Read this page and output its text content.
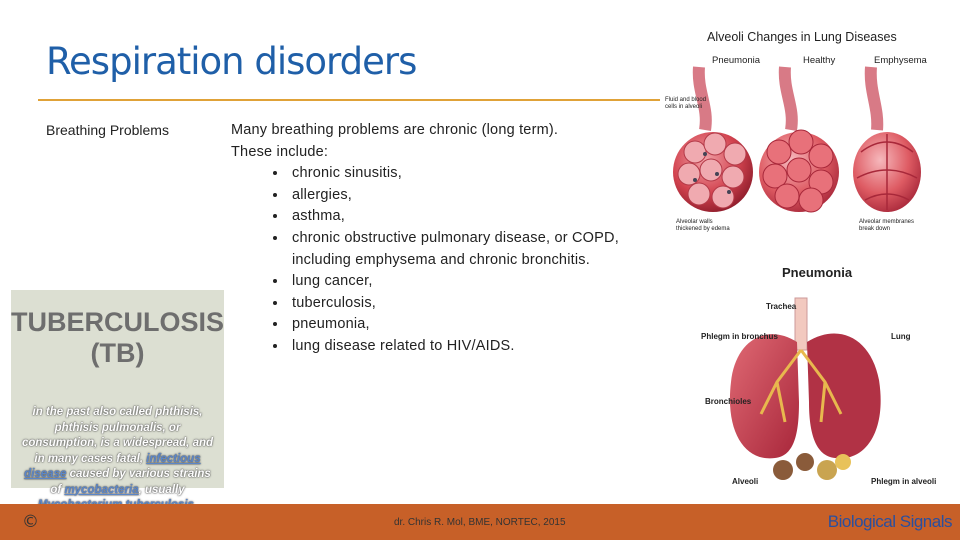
Respiration disorders
Breathing Problems	Many breathing problems are chronic (long term).
These include:
• chronic sinusitis,
• allergies,
• asthma,
• chronic obstructive pulmonary disease, or COPD, including emphysema and chronic bronchitis.
• lung cancer,
• tuberculosis,
• pneumonia,
• lung disease related to HIV/AIDS.
TUBERCULOSIS
(TB)
in the past also called phthisis, phthisis pulmonalis, or consumption, is a widespread, and in many cases fatal, infectious disease caused by various strains of mycobacteria, usually
Alveoli Changes in Lung Diseases
Pneumonia	Healthy	Emphysema
Fluid and blood cells in alveoli
Alveolar walls thickened by edema
Alveolar membranes break down
Pneumonia
Trachea
Phlegm in bronchus	Lung
Bronchioles
Alveoli	Phlegm in alveoli
©	dr. Chris R. Mol, BME, NORTEC, 2015	Biological Signals
